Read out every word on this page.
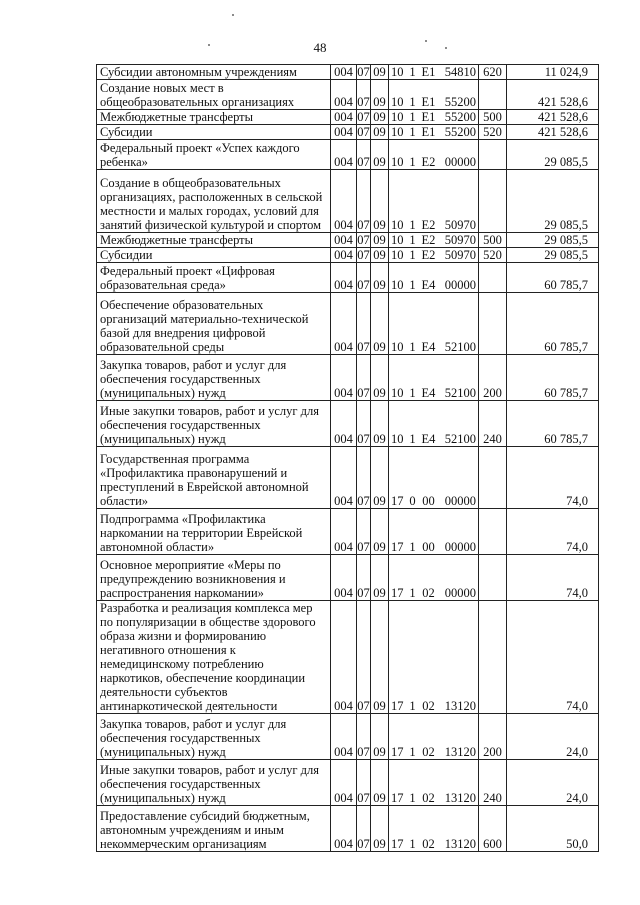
48
Субсидии автономным учреждениям	004	07	09	10	1	E1	54810	620	11 024,9
Создание новых мест в общеобразовательных организациях	004	07	09	10	1	E1	55200		421 528,6
Межбюджетные трансферты	004	07	09	10	1	E1	55200	500	421 528,6
Субсидии	004	07	09	10	1	E1	55200	520	421 528,6
Федеральный проект «Успех каждого ребенка»	004	07	09	10	1	E2	00000		29 085,5
Создание в общеобразовательных организациях, расположенных в сельской местности и малых городах, условий для занятий физической культурой и спортом	004	07	09	10	1	E2	50970		29 085,5
Межбюджетные трансферты	004	07	09	10	1	E2	50970	500	29 085,5
Субсидии	004	07	09	10	1	E2	50970	520	29 085,5
Федеральный проект «Цифровая образовательная среда»	004	07	09	10	1	E4	00000		60 785,7
Обеспечение образовательных организаций материально-технической базой для внедрения цифровой образовательной среды	004	07	09	10	1	E4	52100		60 785,7
Закупка товаров, работ и услуг для обеспечения государственных (муниципальных) нужд	004	07	09	10	1	E4	52100	200	60 785,7
Иные закупки товаров, работ и услуг для обеспечения государственных (муниципальных) нужд	004	07	09	10	1	E4	52100	240	60 785,7
Государственная программа «Профилактика правонарушений и преступлений в Еврейской автономной области»	004	07	09	17	0	00	00000		74,0
Подпрограмма «Профилактика наркомании на территории Еврейской автономной области»	004	07	09	17	1	00	00000		74,0
Основное мероприятие «Меры по предупреждению возникновения и распространения наркомании»	004	07	09	17	1	02	00000		74,0
Разработка и реализация комплекса мер по популяризации в обществе здорового образа жизни и формированию негативного отношения к немедицинскому потреблению наркотиков, обеспечение координации деятельности субъектов антинаркотической деятельности	004	07	09	17	1	02	13120		74,0
Закупка товаров, работ и услуг для обеспечения государственных (муниципальных) нужд	004	07	09	17	1	02	13120	200	24,0
Иные закупки товаров, работ и услуг для обеспечения государственных (муниципальных) нужд	004	07	09	17	1	02	13120	240	24,0
Предоставление субсидий бюджетным, автономным учреждениям и иным некоммерческим организациям	004	07	09	17	1	02	13120	600	50,0
